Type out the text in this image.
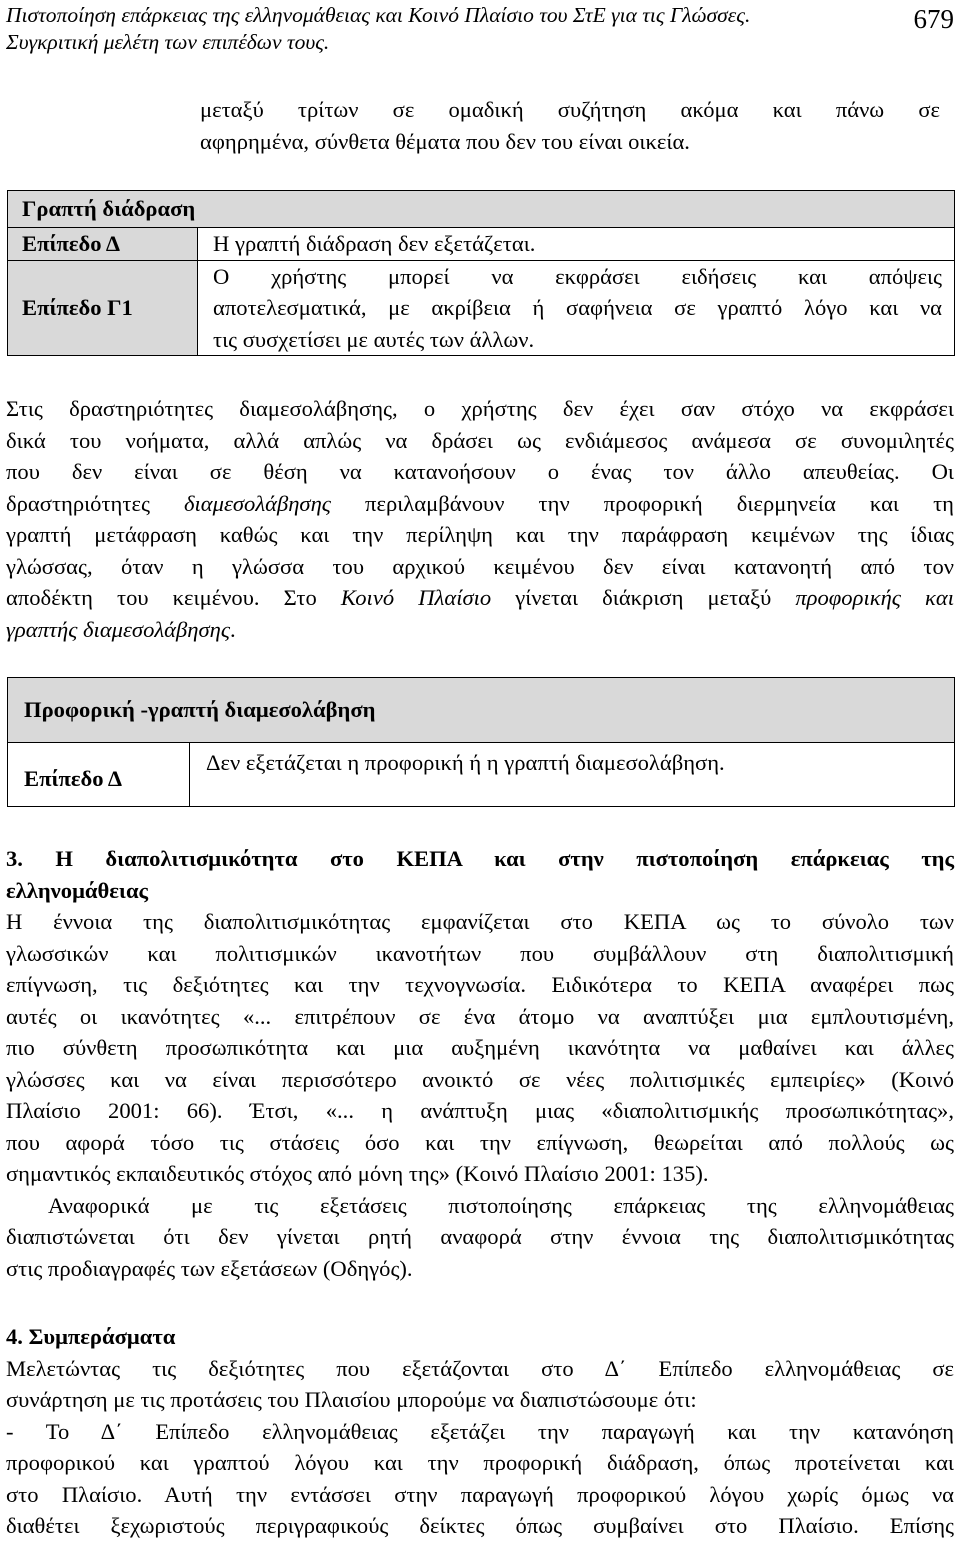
Πιστοποίηση επάρκειας της ελληνομάθειας και Κοινό Πλαίσιο του ΣτΕ για τις Γλώσσες.
Συγκριτική μελέτη των επιπέδων τους.
679

μεταξύ τρίτων σε ομαδική συζήτηση ακόμα και πάνω σε

αφηρημένα, σύνθετα θέματα που δεν του είναι οικεία.

Γραπτή διάδραση	
Επίπεδο Δ	Η γραπτή διάδραση δεν εξετάζεται.
Επίπεδο Γ1	Ο χρήστης μπορεί να εκφράσει ειδήσεις και απόψεις
αποτελεσματικά, με ακρίβεια ή σαφήνεια σε γραπτό λόγο και να
τις συσχετίσει με αυτές των άλλων.

Στις δραστηριότητες διαμεσολάβησης, ο χρήστης δεν έχει σαν στόχο να εκφράσει

δικά του νοήματα, αλλά απλώς να δράσει ως ενδιάμεσος ανάμεσα σε συνομιλητές

που δεν είναι σε θέση να κατανοήσουν ο ένας τον άλλο απευθείας. Οι

δραστηριότητες διαμεσολάβησης περιλαμβάνουν την προφορική διερμηνεία και τη

γραπτή μετάφραση καθώς και την περίληψη και την παράφραση κειμένων της ίδιας

γλώσσας, όταν η γλώσσα του αρχικού κειμένου δεν είναι κατανοητή από τον

αποδέκτη του κειμένου. Στο Κοινό Πλαίσιο γίνεται διάκριση μεταξύ προφορικής και

γραπτής διαμεσολάβησης.

Προφορική -γραπτή διαμεσολάβηση
Επίπεδο Δ	Δεν εξετάζεται η προφορική ή η γραπτή διαμεσολάβηση.

3. Η διαπολιτισμικότητα στο ΚΕΠΑ και στην πιστοποίηση επάρκειας της

ελληνομάθειας

Η έννοια της διαπολιτισμικότητας εμφανίζεται στο ΚΕΠΑ ως το σύνολο των

γλωσσικών και πολιτισμικών ικανοτήτων που συμβάλλουν στη διαπολιτισμική

επίγνωση, τις δεξιότητες και την τεχνογνωσία. Ειδικότερα το ΚΕΠΑ αναφέρει πως

αυτές οι ικανότητες «... επιτρέπουν σε ένα άτομο να αναπτύξει μια εμπλουτισμένη,

πιο σύνθετη προσωπικότητα και μια αυξημένη ικανότητα να μαθαίνει και άλλες

γλώσσες και να είναι περισσότερο ανοικτό σε νέες πολιτισμικές εμπειρίες» (Κοινό

Πλαίσιο 2001: 66). Έτσι, «... η ανάπτυξη μιας «διαπολιτισμικής προσωπικότητας»,

που αφορά τόσο τις στάσεις όσο και την επίγνωση, θεωρείται από πολλούς ως

σημαντικός εκπαιδευτικός στόχος από μόνη της» (Κοινό Πλαίσιο 2001: 135).

Αναφορικά με τις εξετάσεις πιστοποίησης επάρκειας της ελληνομάθειας

διαπιστώνεται ότι δεν γίνεται ρητή αναφορά στην έννοια της διαπολιτισμικότητας

στις προδιαγραφές των εξετάσεων (Οδηγός).

4. Συμπεράσματα

Μελετώντας τις δεξιότητες που εξετάζονται στο Δ΄ Επίπεδο ελληνομάθειας σε

συνάρτηση με τις προτάσεις του Πλαισίου μπορούμε να διαπιστώσουμε ότι:

- Το Δ΄ Επίπεδο ελληνομάθειας εξετάζει την παραγωγή και την κατανόηση

προφορικού και γραπτού λόγου και την προφορική διάδραση, όπως προτείνεται και

στο Πλαίσιο. Αυτή την εντάσσει στην παραγωγή προφορικού λόγου χωρίς όμως να

διαθέτει ξεχωριστούς περιγραφικούς δείκτες όπως συμβαίνει στο Πλαίσιο. Επίσης
